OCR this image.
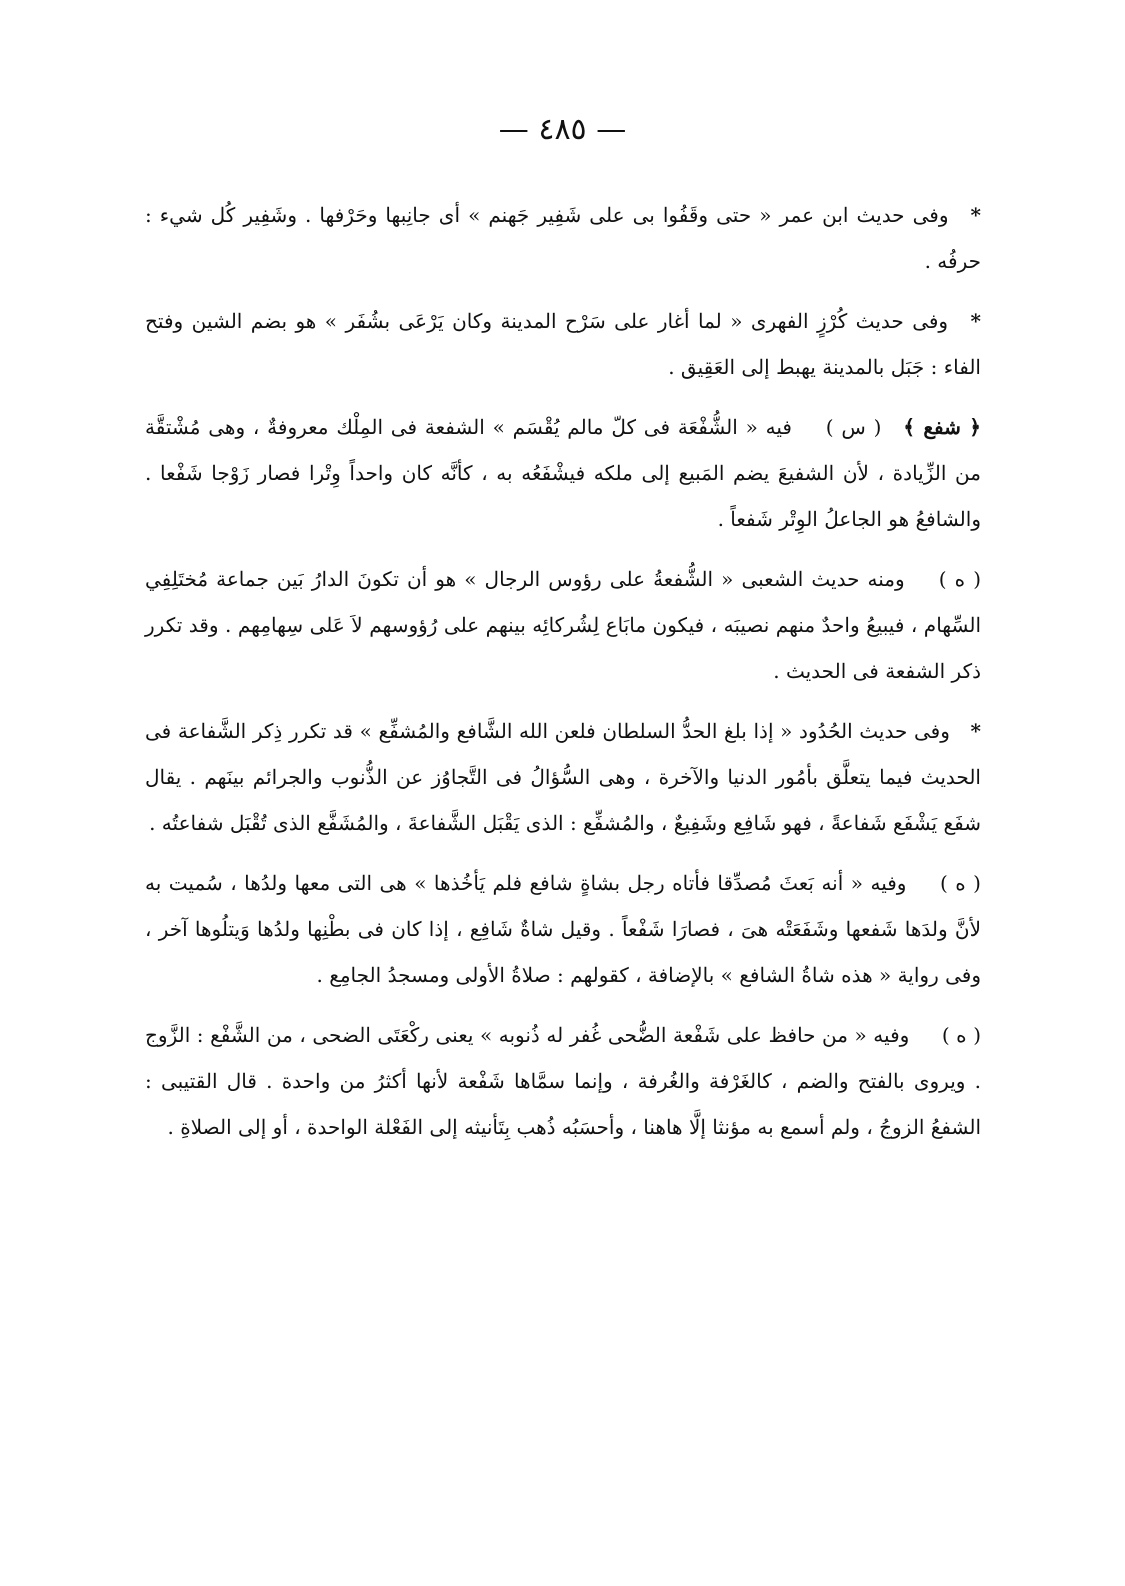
— ٤٨٥ —

* وفى حديث ابن عمر « حتى وقَفُوا بى على شَفِير جَهنم » أى جانِبها وحَرْفها . وشَفِير كُل شيء : حرفُه .

* وفى حديث كُرْزٍ الفهرى « لما أغار على سَرْح المدينة وكان يَرْعَى بشُفَر » هو بضم الشين وفتح الفاء : جَبَل بالمدينة يهبط إلى العَقِيق .

﴿ شفع ﴾ ( س ) فيه « الشُّفْعَة فى كلّ مالم يُقْسَم » الشفعة فى المِلْك معروفةٌ ، وهى مُشْتقَّة من الزِّيادة ، لأن الشفيعَ يضم المَبيع إلى ملكه فيشْفَعُه به ، كأنَّه كان واحداً وِتْرا فصار زَوْجا شَفْعا . والشافعُ هو الجاعلُ الوِتْر شَفعاً .

( ه ) ومنه حديث الشعبى « الشُّفعةُ على رؤوس الرجال » هو أن تكونَ الدارُ بَين جماعة مُختَلِفِي السِّهام ، فيبيعُ واحدٌ منهم نصيبَه ، فيكون مابَاع لِشُركائِه بينهم على رُؤوسهم لاَ عَلى سِهامِهم . وقد تكرر ذكر الشفعة فى الحديث .

* وفى حديث الحُدُود « إذا بلغ الحدُّ السلطان فلعن الله الشَّافع والمُشفِّع » قد تكرر ذِكر الشَّفاعة فى الحديث فيما يتعلَّق بأمُور الدنيا والآخرة ، وهى السُّؤالُ فى التَّجاوُز عن الذُّنوب والجرائم بينَهم . يقال شفَع يَشْفَع شَفاعةً ، فهو شَافِع وشَفِيعٌ ، والمُشفِّع : الذى يَقْبَل الشَّفاعةَ ، والمُشَفَّع الذى تُقْبَل شفاعتُه .

( ه ) وفيه « أنه بَعثَ مُصدِّقا فأتاه رجل بشاةٍ شافع فلم يَأخُذها » هى التى معها ولدُها ، سُميت به لأنَّ ولدَها شَفعها وشَفَعَتْه هىَ ، فصارَا شَفْعاً . وقيل شاةٌ شَافِع ، إذا كان فى بطْنِها ولدُها وَيتلُوها آخر ، وفى رواية « هذه شاةُ الشافع » بالإضافة ، كقولهم : صلاةُ الأولى ومسجدُ الجامِع .

( ه ) وفيه « من حافظ على شَفْعة الضُّحى غُفر له ذُنوبه » يعنى ركْعَتَى الضحى ، من الشَّفْع : الزَّوج . ويروى بالفتح والضم ، كالغَرْفة والغُرفة ، وإنما سمَّاها شَفْعة لأنها أكثرُ من واحدة . قال القتيبى : الشفعُ الزوجُ ، ولم أسمع به مؤنثا إلَّا هاهنا ، وأحسَبُه ذُهب بِتَأنيثه إلى الفَعْلة الواحدة ، أو إلى الصلاةِ .
